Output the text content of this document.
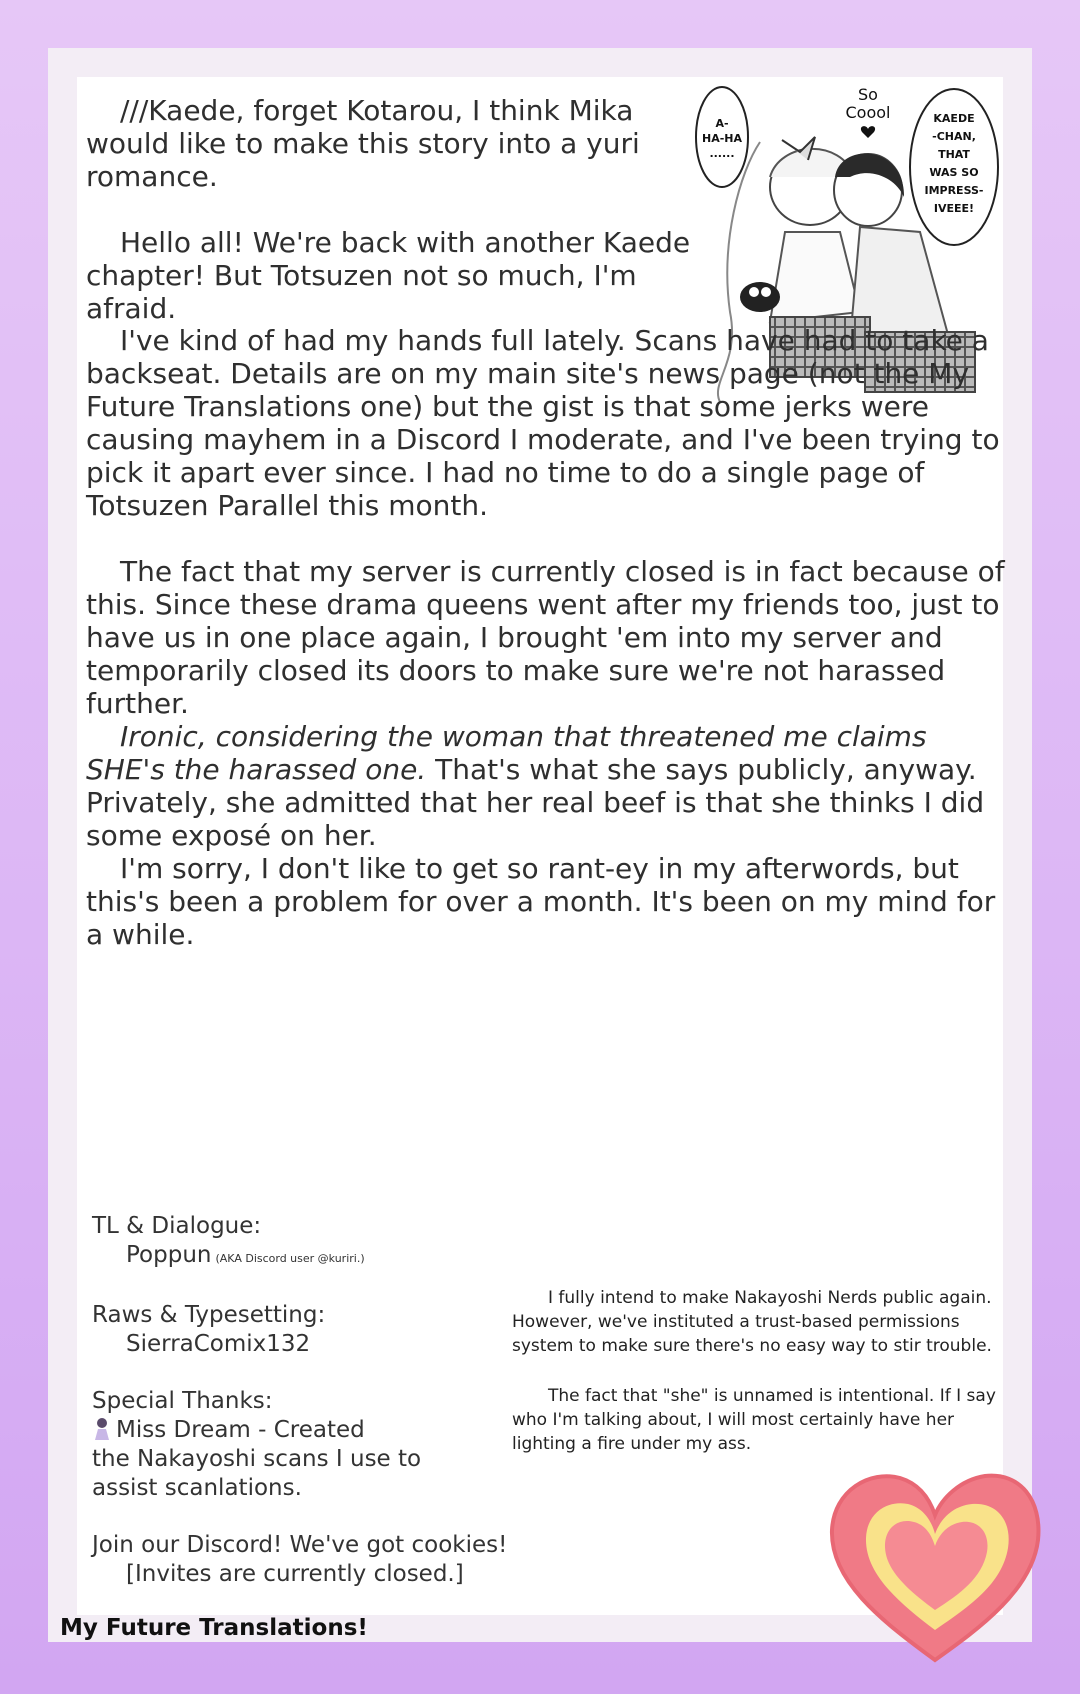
A-
HA-HA
......
So
Coool	KAEDE
-CHAN,
THAT
WAS SO
IMPRESS-
IVEEE!

///Kaede, forget Kotarou, I think Mika would like to make this story into a yuri romance.

Hello all! We're back with another Kaede chapter! But Totsuzen not so much, I'm afraid.

I've kind of had my hands full lately. Scans have had to take a backseat. Details are on my main site's news page (not the My Future Translations one) but the gist is that some jerks were causing mayhem in a Discord I moderate, and I've been trying to pick it apart ever since. I had no time to do a single page of Totsuzen Parallel this month.

The fact that my server is currently closed is in fact because of this. Since these drama queens went after my friends too, just to have us in one place again, I brought 'em into my server and temporarily closed its doors to make sure we're not harassed further.

Ironic, considering the woman that threatened me claims SHE's the harassed one. That's what she says publicly, anyway. Privately, she admitted that her real beef is that she thinks I did some exposé on her.

I'm sorry, I don't like to get so rant-ey in my afterwords, but this's been a problem for over a month. It's been on my mind for a while.

TL & Dialogue:
Poppun (AKA Discord user @kuriri.)
Raws & Typesetting:
SierraComix132
Special Thanks:
Miss Dream - Created
the Nakayoshi scans I use to
assist scanlations.
Join our Discord! We've got cookies!
[Invites are currently closed.]

I fully intend to make Nakayoshi Nerds public again. However, we've instituted a trust-based permissions system to make sure there's no easy way to stir trouble.

The fact that "she" is unnamed is intentional. If I say who I'm talking about, I will most certainly have her lighting a fire under my ass.

My Future Translations!
